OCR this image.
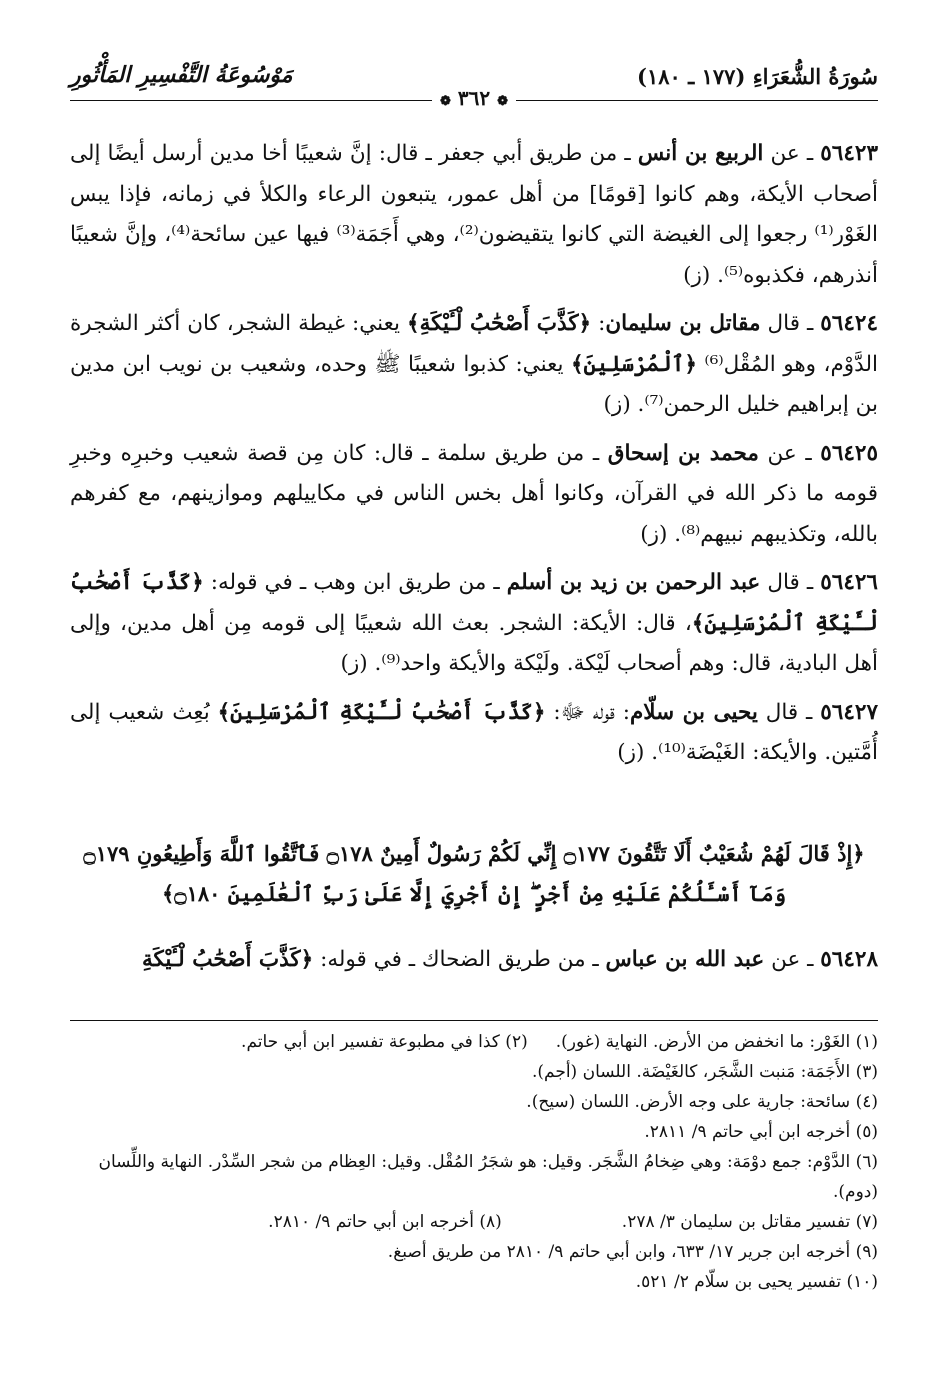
سُورَةُ الشُّعَرَاءِ (١٧٧ ـ ١٨٠)
مَوْسُوعَةُ التَّفْسِيرِ المَأْثُورِ
❁ ٣٦٢ ❁

٥٦٤٢٣ ـ عن الربيع بن أنس ـ من طريق أبي جعفر ـ قال: إنَّ شعيبًا أخا مدين أرسل أيضًا إلى أصحاب الأيكة، وهم كانوا [قومًا] من أهل عمور، يتبعون الرعاء والكلأ في زمانه، فإذا يبس الغَوْر⁽¹⁾ رجعوا إلى الغيضة التي كانوا يتقيضون⁽²⁾، وهي أَجَمَة⁽³⁾ فيها عين سائحة⁽⁴⁾، وإنَّ شعيبًا أنذرهم، فكذبوه⁽⁵⁾. (ز)

٥٦٤٢٤ ـ قال مقاتل بن سليمان: ﴿كَذَّبَ أَصْحَٰبُ لْـَٔيْكَةِ﴾ يعني: غيطة الشجر، كان أكثر الشجرة الدَّوْم، وهو المُقْل⁽⁶⁾ ﴿ٱلْمُرْسَلِينَ﴾ يعني: كذبوا شعيبًا ﷺ وحده، وشعيب بن نويب ابن مدين بن إبراهيم خليل الرحمن⁽⁷⁾. (ز)

٥٦٤٢٥ ـ عن محمد بن إسحاق ـ من طريق سلمة ـ قال: كان مِن قصة شعيب وخبرِه وخبرِ قومه ما ذكر الله في القرآن، وكانوا أهل بخس الناس في مكاييلهم وموازينهم، مع كفرهم بالله، وتكذيبهم نبيهم⁽⁸⁾. (ز)

٥٦٤٢٦ ـ قال عبد الرحمن بن زيد بن أسلم ـ من طريق ابن وهب ـ في قوله: ﴿كَذَّبَ أَصْحَٰبُ لْـَٔيْكَةِ ٱلْمُرْسَلِينَ﴾، قال: الأيكة: الشجر. بعث الله شعيبًا إلى قومه مِن أهل مدين، وإلى أهل البادية، قال: وهم أصحاب لَيْكة. ولَيْكة والأيكة واحد⁽⁹⁾. (ز)

٥٦٤٢٧ ـ قال يحيى بن سلّام: قوله ﷻ: ﴿كَذَّبَ أَصْحَٰبُ لْـَٔيْكَةِ ٱلْمُرْسَلِينَ﴾ بُعِث شعيب إلى أُمَّتين. والأيكة: الغَيْضَة⁽¹⁰⁾. (ز)

﴿إِذْ قَالَ لَهُمْ شُعَيْبٌ أَلَا تَتَّقُونَ ۝١٧٧ إِنِّي لَكُمْ رَسُولٌ أَمِينٌ ۝١٧٨ فَٱتَّقُوا ٱللَّهَ وَأَطِيعُونِ ۝١٧٩
وَمَآ أَسْـَٔلُكُمْ عَلَيْهِ مِنْ أَجْرٍ ۖ إِنْ أَجْرِيَ إِلَّا عَلَىٰ رَبِّ ٱلْعَٰلَمِينَ ۝١٨٠﴾

٥٦٤٢٨ ـ عن عبد الله بن عباس ـ من طريق الضحاك ـ في قوله: ﴿كَذَّبَ أَصْحَٰبُ لْـَٔيْكَةِ

(١) الغَوْر: ما انخفض من الأرض. النهاية (غور).
(٢) كذا في مطبوعة تفسير ابن أبي حاتم.
(٣) الأَجَمَة: مَنبت الشَّجَر، كالغَيْضَة. اللسان (أجم).
(٤) سائحة: جارية على وجه الأرض. اللسان (سيح).
(٥) أخرجه ابن أبي حاتم ٩/ ٢٨١١.
(٦) الدَّوْم: جمع دوْمَة: وهي ضِخامُ الشَّجَر. وقيل: هو شجَرُ المُقْل. وقيل: العِظام من شجر السِّدْر. النهاية واللِّسان (دوم).
(٧) تفسير مقاتل بن سليمان ٣/ ٢٧٨.
(٨) أخرجه ابن أبي حاتم ٩/ ٢٨١٠.
(٩) أخرجه ابن جرير ١٧/ ٦٣٣، وابن أبي حاتم ٩/ ٢٨١٠ من طريق أصبغ.
(١٠) تفسير يحيى بن سلّام ٢/ ٥٢١.
